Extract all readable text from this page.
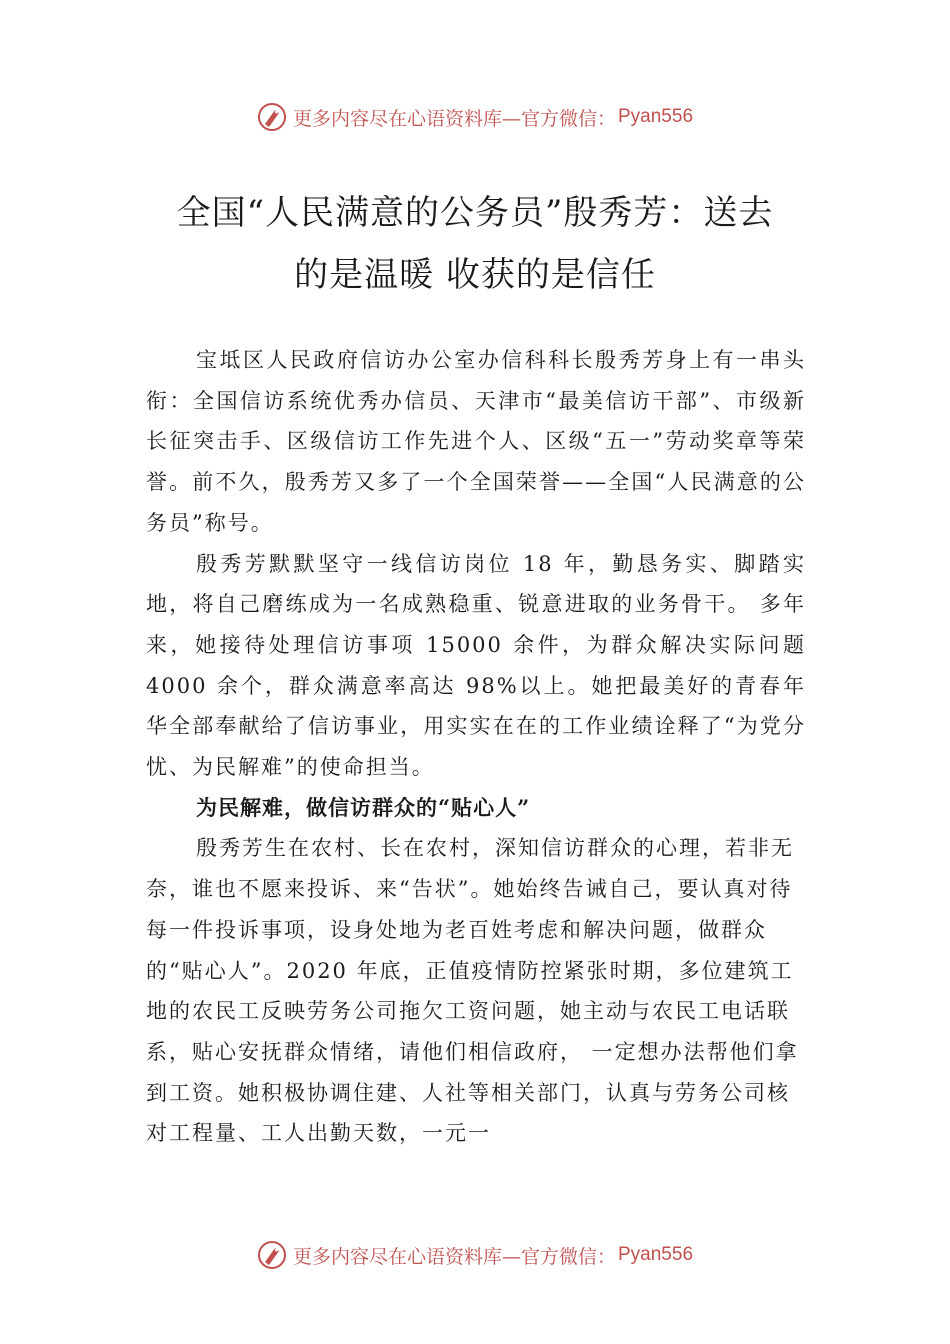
更多内容尽在心语资料库—官方微信： Pyan556
全国“人民满意的公务员”殷秀芳：送去
的是温暖 收获的是信任

宝坻区人民政府信访办公室办信科科长殷秀芳身上有一串头衔：全国信访系统优秀办信员、天津市“最美信访干部”、市级新长征突击手、区级信访工作先进个人、区级“五一”劳动奖章等荣誉。前不久，殷秀芳又多了一个全国荣誉——全国“人民满意的公务员”称号。

殷秀芳默默坚守一线信访岗位 18 年，勤恳务实、脚踏实地，将自己磨练成为一名成熟稳重、锐意进取的业务骨干。 多年来，她接待处理信访事项 15000 余件，为群众解决实际问题 4000 余个，群众满意率高达 98%以上。她把最美好的青春年华全部奉献给了信访事业，用实实在在的工作业绩诠释了“为党分忧、为民解难”的使命担当。

为民解难，做信访群众的“贴心人”

殷秀芳生在农村、长在农村，深知信访群众的心理，若非无奈，谁也不愿来投诉、来“告状”。她始终告诫自己，要认真对待每一件投诉事项，设身处地为老百姓考虑和解决问题，做群众的“贴心人”。2020 年底，正值疫情防控紧张时期，多位建筑工地的农民工反映劳务公司拖欠工资问题，她主动与农民工电话联系，贴心安抚群众情绪，请他们相信政府， 一定想办法帮他们拿到工资。她积极协调住建、人社等相关部门，认真与劳务公司核对工程量、工人出勤天数，一元一

更多内容尽在心语资料库—官方微信： Pyan556
